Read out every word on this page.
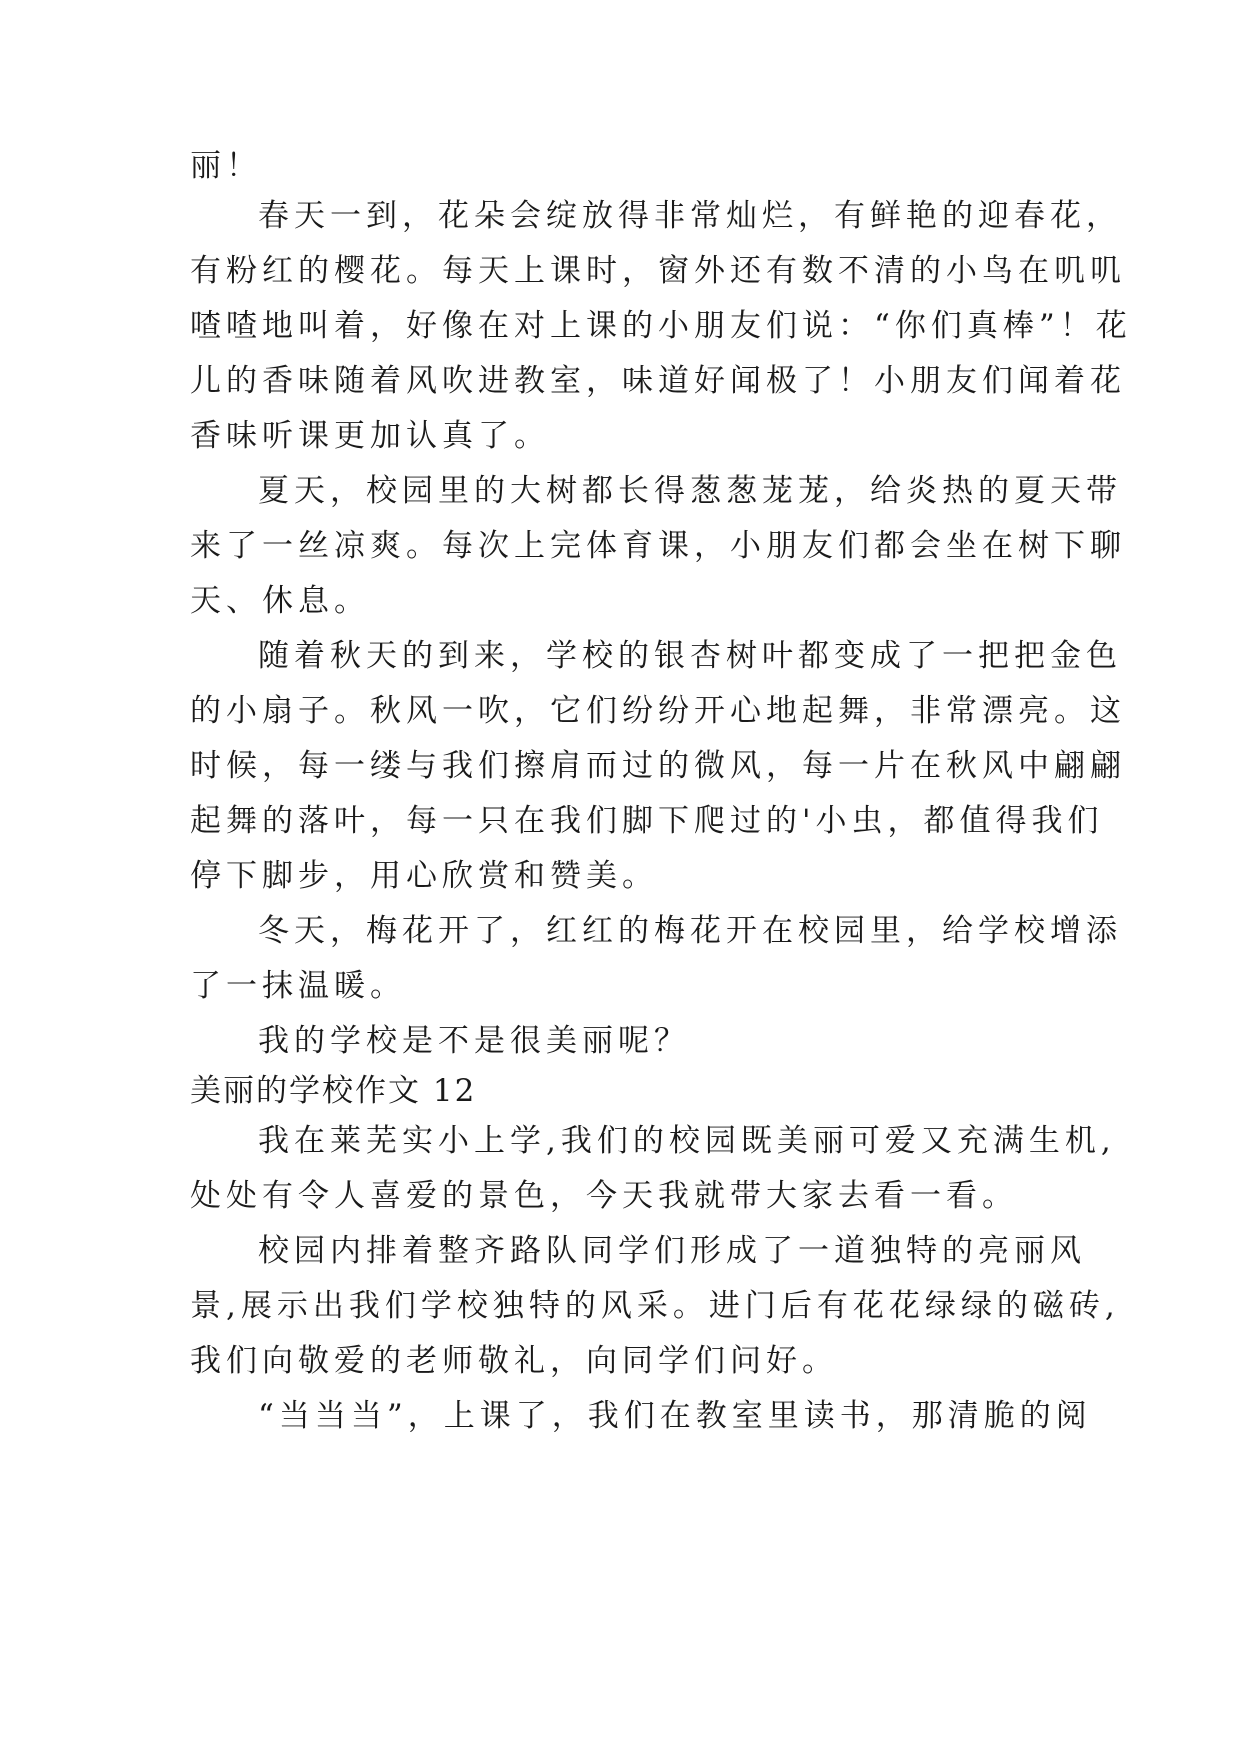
丽！
春天一到，花朵会绽放得非常灿烂，有鲜艳的迎春花，
有粉红的樱花。每天上课时，窗外还有数不清的小鸟在叽叽
喳喳地叫着，好像在对上课的小朋友们说：“你们真棒”！花
儿的香味随着风吹进教室，味道好闻极了！小朋友们闻着花
香味听课更加认真了。
夏天，校园里的大树都长得葱葱茏茏，给炎热的夏天带
来了一丝凉爽。每次上完体育课，小朋友们都会坐在树下聊
天、休息。
随着秋天的到来，学校的银杏树叶都变成了一把把金色
的小扇子。秋风一吹，它们纷纷开心地起舞，非常漂亮。这
时候，每一缕与我们擦肩而过的微风，每一片在秋风中翩翩
起舞的落叶，每一只在我们脚下爬过的'小虫，都值得我们
停下脚步，用心欣赏和赞美。
冬天，梅花开了，红红的梅花开在校园里，给学校增添
了一抹温暖。
我的学校是不是很美丽呢？
美丽的学校作文 12
我在莱芜实小上学,我们的校园既美丽可爱又充满生机,
处处有令人喜爱的景色，今天我就带大家去看一看。
校园内排着整齐路队同学们形成了一道独特的亮丽风
景,展示出我们学校独特的风采。进门后有花花绿绿的磁砖,
我们向敬爱的老师敬礼，向同学们问好。
“当当当”，上课了，我们在教室里读书，那清脆的阅
